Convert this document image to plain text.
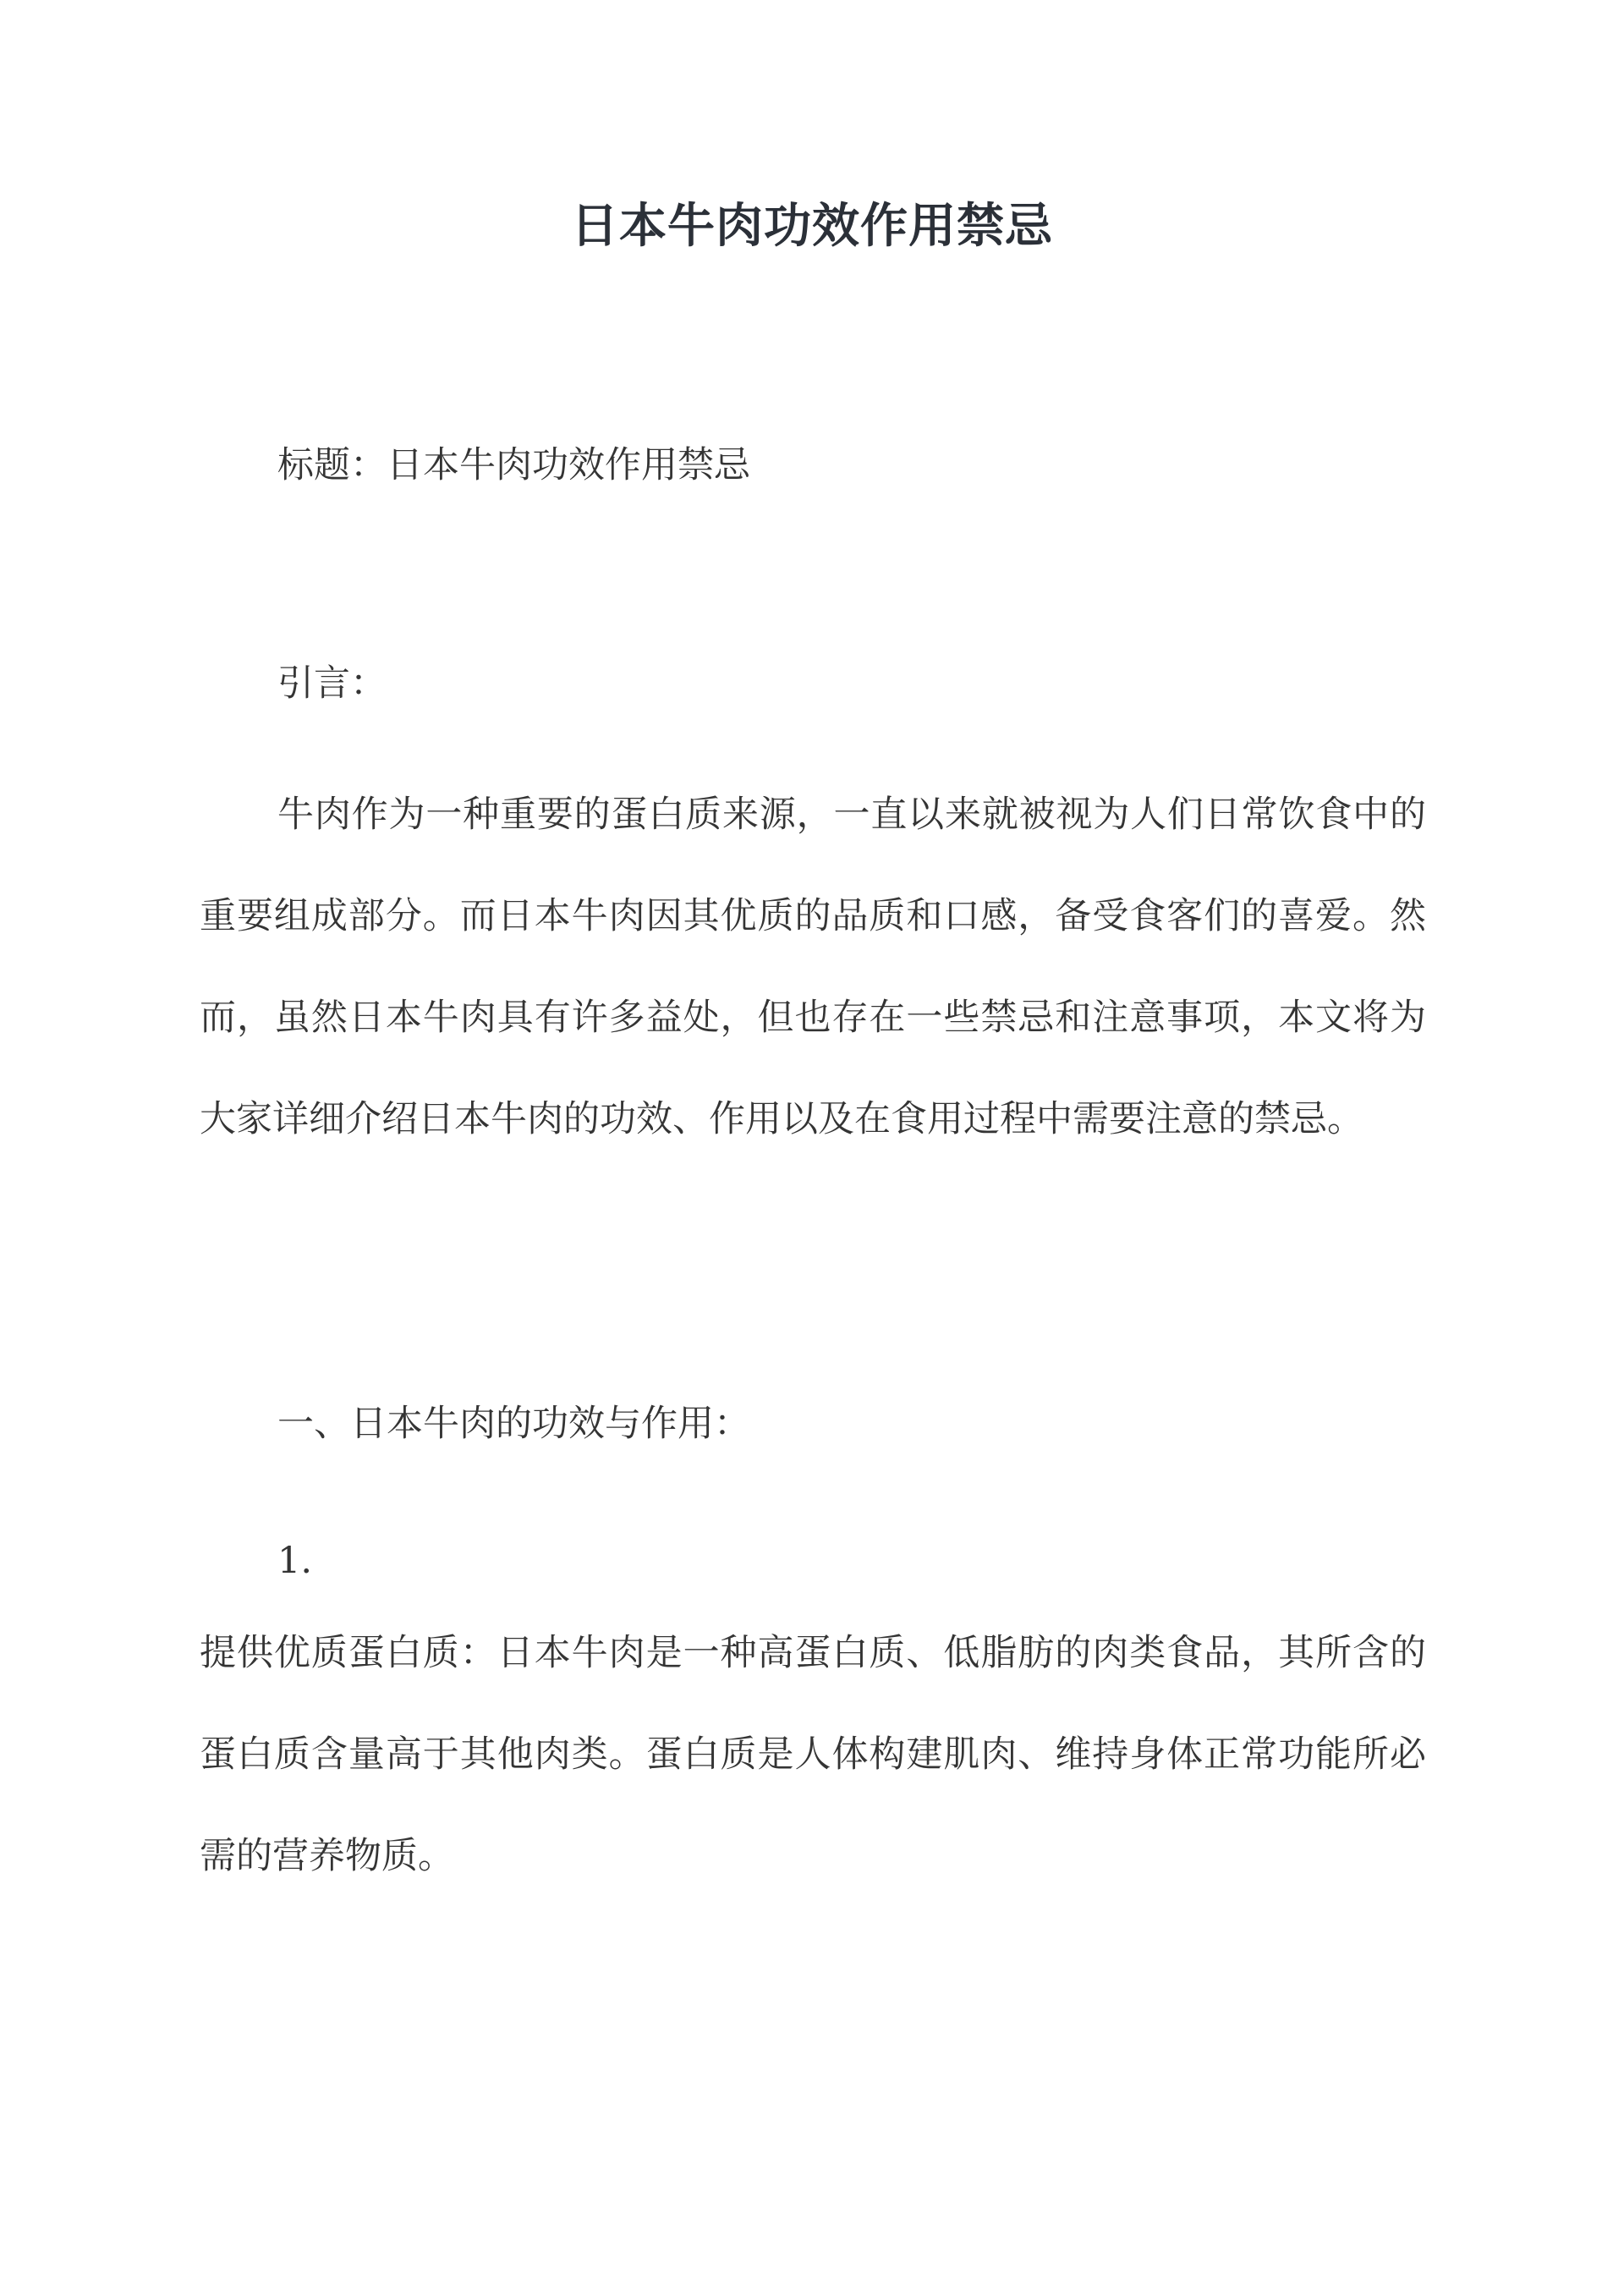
日本牛肉功效作用禁忌
标题：日本牛肉功效作用禁忌
引言：

牛肉作为一种重要的蛋白质来源，一直以来就被视为人们日常饮食中的重要组成部分。而日本牛肉因其优质的品质和口感，备受食客们的喜爱。然而，虽然日本牛肉具有许多益处，但也存在一些禁忌和注意事项，本文将为大家详细介绍日本牛肉的功效、作用以及在食用过程中需要注意的禁忌。

一、日本牛肉的功效与作用：
1.

提供优质蛋白质：日本牛肉是一种高蛋白质、低脂肪的肉类食品，其所含的蛋白质含量高于其他肉类。蛋白质是人体构建肌肉、维持身体正常功能所必需的营养物质。
